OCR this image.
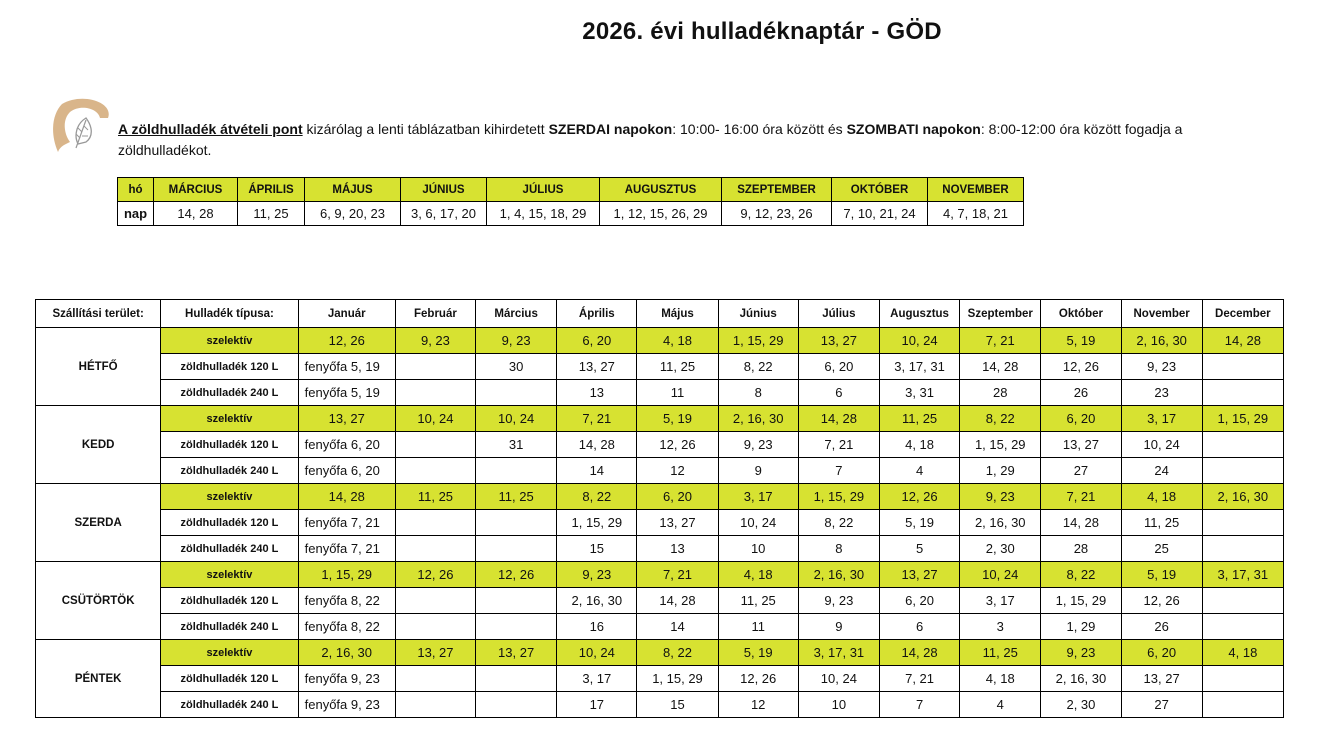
2026. évi hulladéknaptár - GÖD
A zöldhulladék átvételi pont kizárólag a lenti táblázatban kihirdetett SZERDAI napokon: 10:00- 16:00 óra között és SZOMBATI napokon: 8:00-12:00 óra között fogadja a zöldhulladékot.
hó	MÁRCIUS	ÁPRILIS	MÁJUS	JÚNIUS	JÚLIUS	AUGUSZTUS	SZEPTEMBER	OKTÓBER	NOVEMBER
nap	14, 28	11, 25	6, 9, 20, 23	3, 6, 17, 20	1, 4, 15, 18, 29	1, 12, 15, 26, 29	9, 12, 23, 26	7, 10, 21, 24	4, 7, 18, 21
Szállítási terület:	Hulladék típusa:	Január	Február	Március	Április	Május	Június	Július	Augusztus	Szeptember	Október	November	December
HÉTFŐ	szelektív	12, 26	9, 23	9, 23	6, 20	4, 18	1, 15, 29	13, 27	10, 24	7, 21	5, 19	2, 16, 30	14, 28
	zöldhulladék 120 L	fenyőfa 5, 19		30	13, 27	11, 25	8, 22	6, 20	3, 17, 31	14, 28	12, 26	9, 23	
	zöldhulladék 240 L	fenyőfa 5, 19			13	11	8	6	3, 31	28	26	23	
KEDD	szelektív	13, 27	10, 24	10, 24	7, 21	5, 19	2, 16, 30	14, 28	11, 25	8, 22	6, 20	3, 17	1, 15, 29
	zöldhulladék 120 L	fenyőfa 6, 20		31	14, 28	12, 26	9, 23	7, 21	4, 18	1, 15, 29	13, 27	10, 24	
	zöldhulladék 240 L	fenyőfa 6, 20			14	12	9	7	4	1, 29	27	24	
SZERDA	szelektív	14, 28	11, 25	11, 25	8, 22	6, 20	3, 17	1, 15, 29	12, 26	9, 23	7, 21	4, 18	2, 16, 30
	zöldhulladék 120 L	fenyőfa 7, 21			1, 15, 29	13, 27	10, 24	8, 22	5, 19	2, 16, 30	14, 28	11, 25	
	zöldhulladék 240 L	fenyőfa 7, 21			15	13	10	8	5	2, 30	28	25	
CSÜTÖRTÖK	szelektív	1, 15, 29	12, 26	12, 26	9, 23	7, 21	4, 18	2, 16, 30	13, 27	10, 24	8, 22	5, 19	3, 17, 31
	zöldhulladék 120 L	fenyőfa 8, 22			2, 16, 30	14, 28	11, 25	9, 23	6, 20	3, 17	1, 15, 29	12, 26	
	zöldhulladék 240 L	fenyőfa 8, 22			16	14	11	9	6	3	1, 29	26	
PÉNTEK	szelektív	2, 16, 30	13, 27	13, 27	10, 24	8, 22	5, 19	3, 17, 31	14, 28	11, 25	9, 23	6, 20	4, 18
	zöldhulladék 120 L	fenyőfa 9, 23			3, 17	1, 15, 29	12, 26	10, 24	7, 21	4, 18	2, 16, 30	13, 27	
	zöldhulladék 240 L	fenyőfa 9, 23			17	15	12	10	7	4	2, 30	27	
